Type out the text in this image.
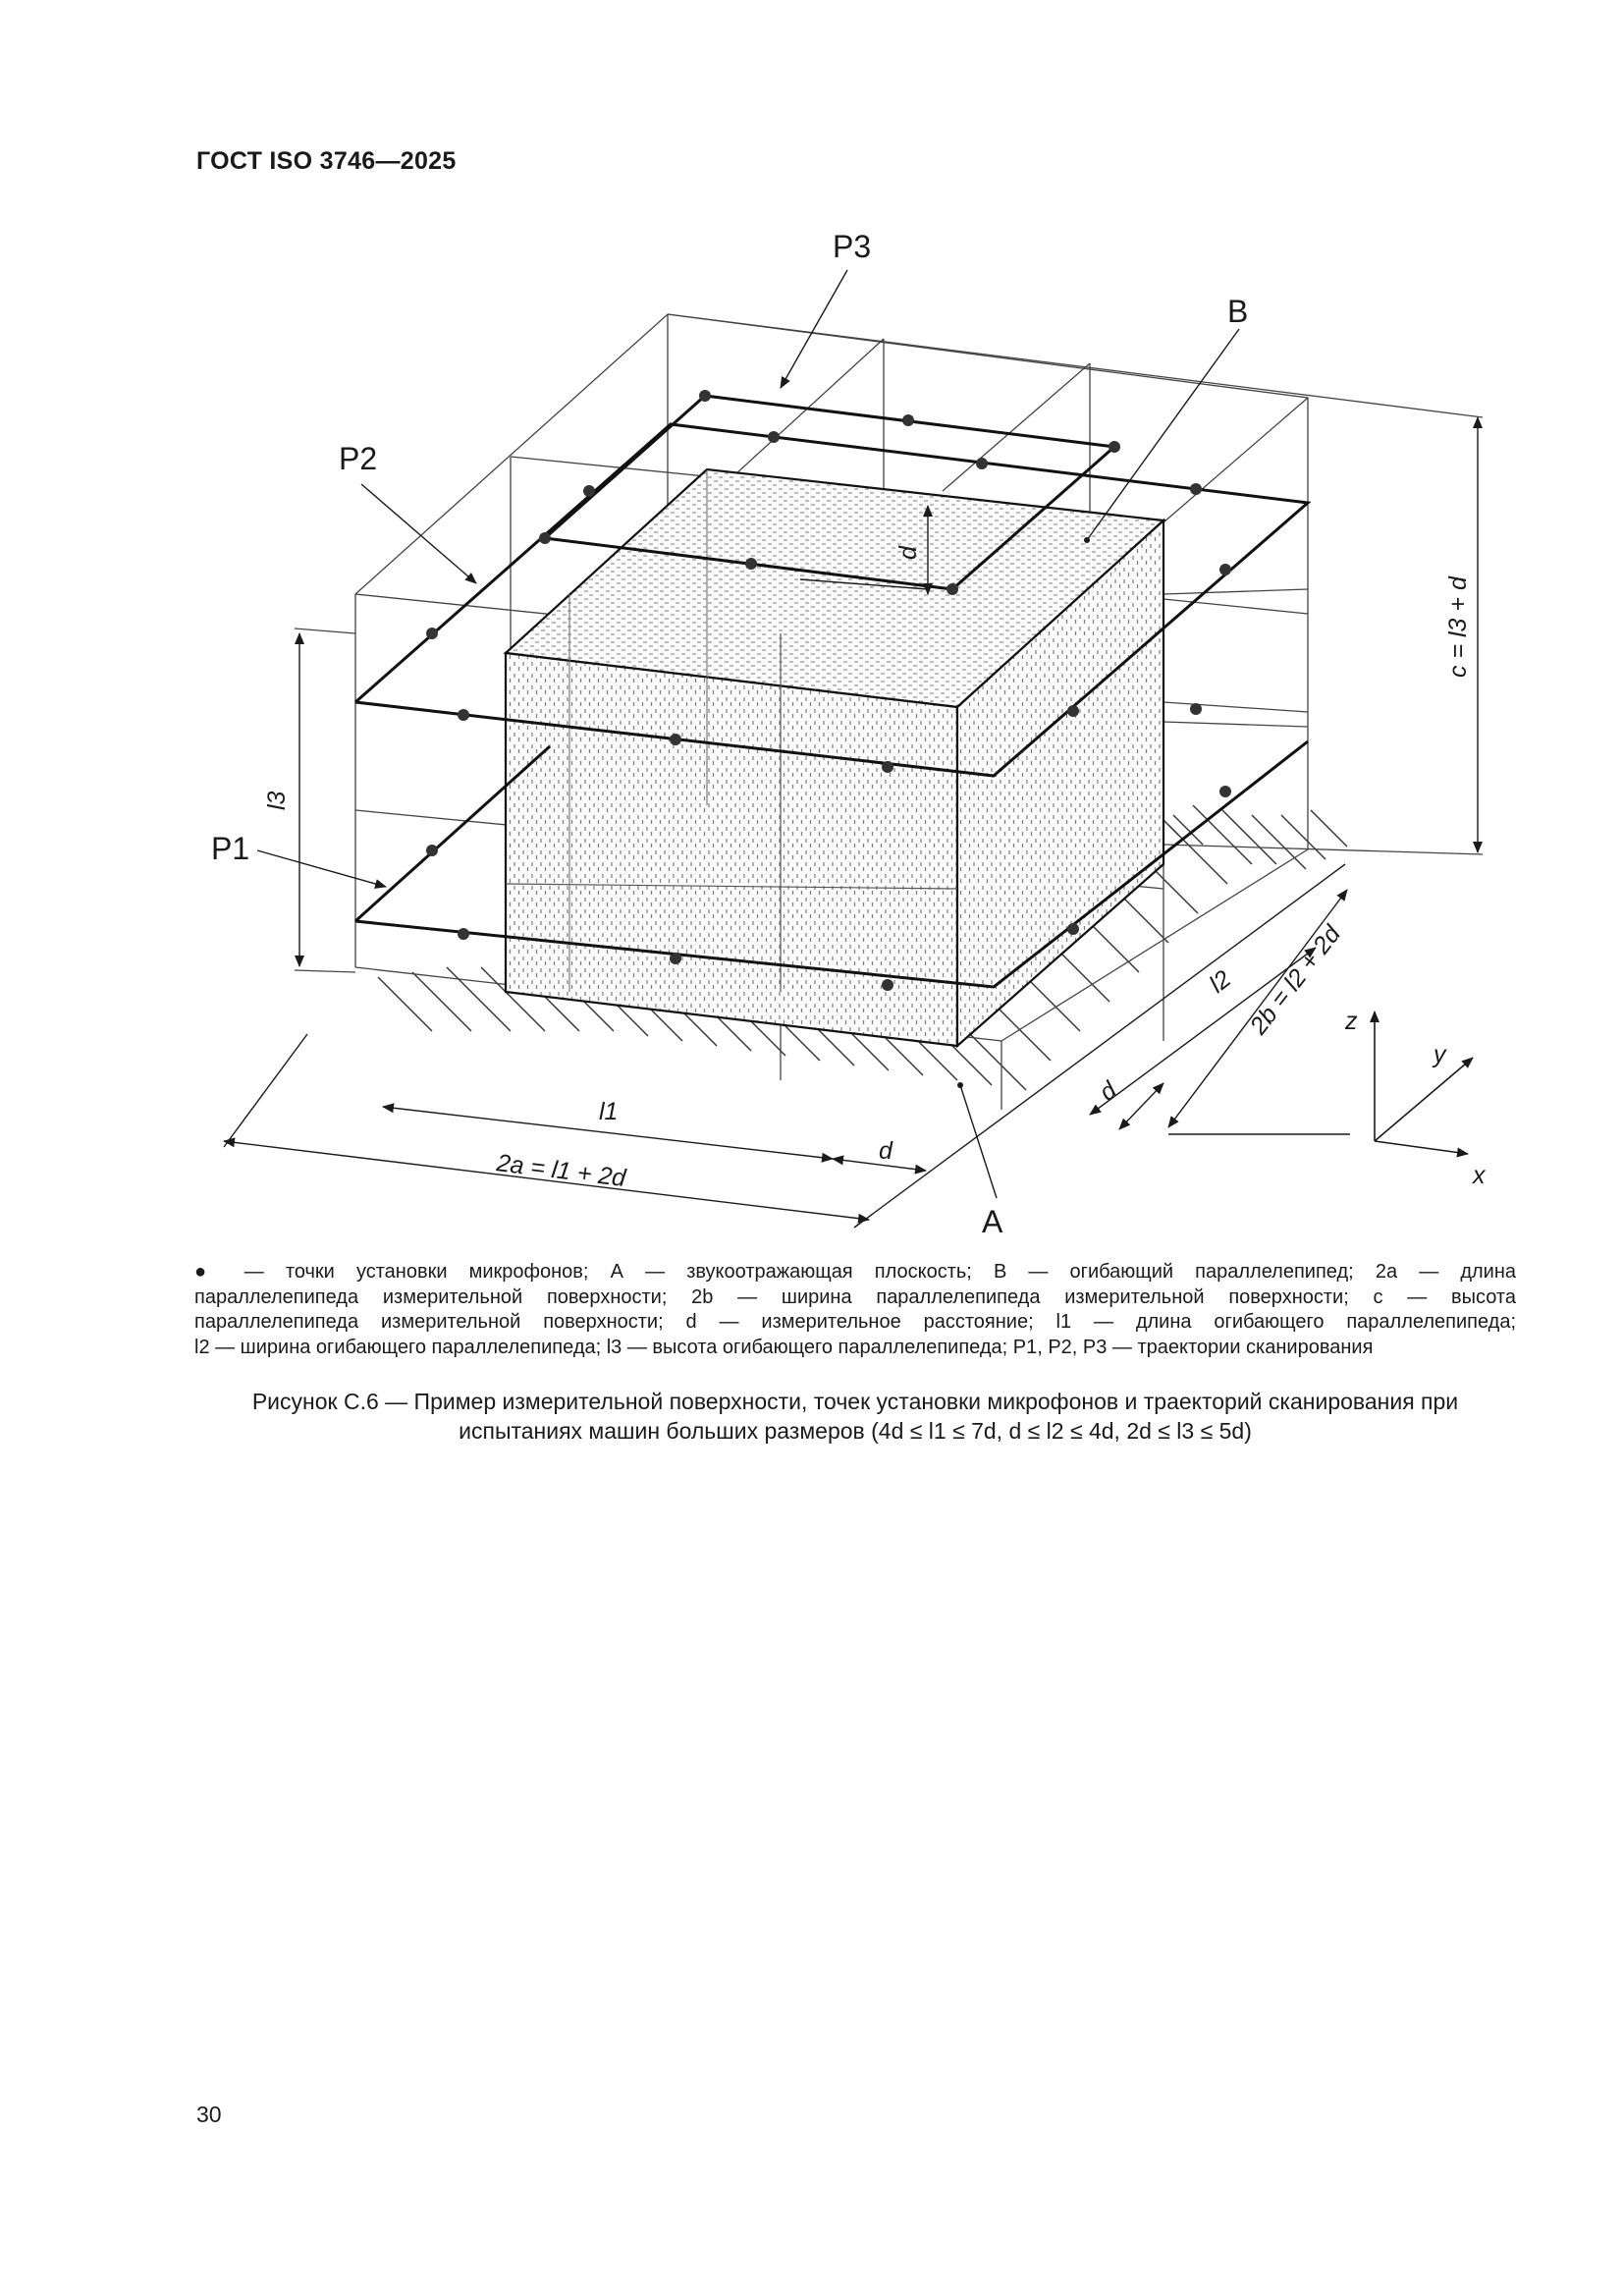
ГОСТ ISO 3746—2025
P3
B
P2
P1
A
l3
d
c = l3 + d
l1
d
2a = l1 + 2d
l2
d
2b = l2 + 2d
z
y
x
● — точки установки микрофонов; А — звукоотражающая плоскость; В — огибающий параллелепипед; 2a — длина
параллелепипеда измерительной поверхности; 2b — ширина параллелепипеда измерительной поверхности; c — высота
параллелепипеда измерительной поверхности; d — измерительное расстояние; l1 — длина огибающего параллелепипеда;
l2 — ширина огибающего параллелепипеда; l3 — высота огибающего параллелепипеда; P1, P2, P3 — траектории сканирования
Рисунок С.6 — Пример измерительной поверхности, точек установки микрофонов и траекторий сканирования при
испытаниях машин больших размеров (4d ≤ l1 ≤ 7d, d ≤ l2 ≤ 4d, 2d ≤ l3 ≤ 5d)
30
